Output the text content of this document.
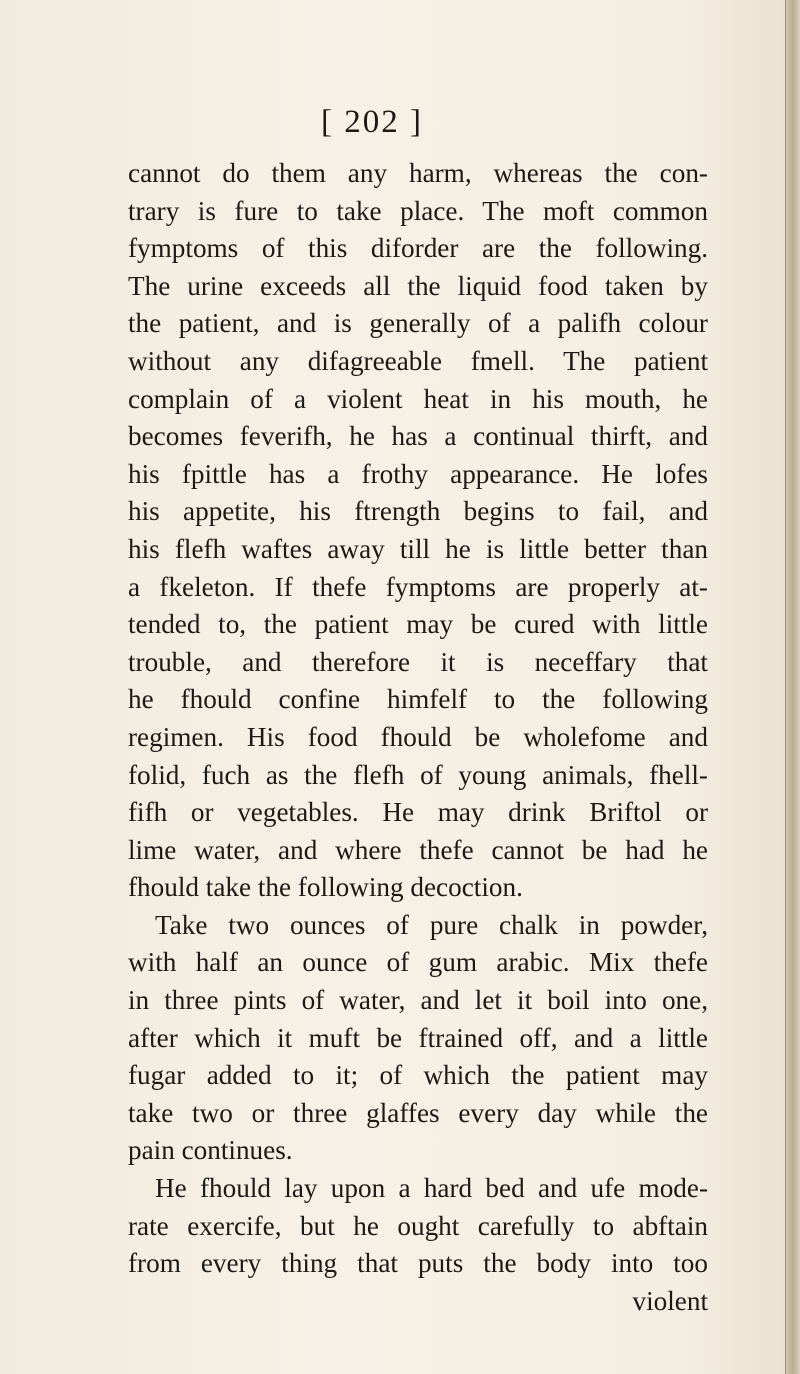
[ 202 ]
cannot do them any harm, whereas the con-
trary is fure to take place. The moft common
fymptoms of this diforder are the following.
The urine exceeds all the liquid food taken by
the patient, and is generally of a palifh colour
without any difagreeable fmell. The patient
complain of a violent heat in his mouth, he
becomes feverifh, he has a continual thirft, and
his fpittle has a frothy appearance. He lofes
his appetite, his ftrength begins to fail, and
his flefh waftes away till he is little better than
a fkeleton. If thefe fymptoms are properly at-
tended to, the patient may be cured with little
trouble, and therefore it is neceffary that
he fhould confine himfelf to the following
regimen. His food fhould be wholefome and
folid, fuch as the flefh of young animals, fhell-
fifh or vegetables. He may drink Briftol or
lime water, and where thefe cannot be had he
fhould take the following decoction.
Take two ounces of pure chalk in powder,
with half an ounce of gum arabic. Mix thefe
in three pints of water, and let it boil into one,
after which it muft be ftrained off, and a little
fugar added to it; of which the patient may
take two or three glaffes every day while the
pain continues.
He fhould lay upon a hard bed and ufe mode-
rate exercife, but he ought carefully to abftain
from every thing that puts the body into too
violent
